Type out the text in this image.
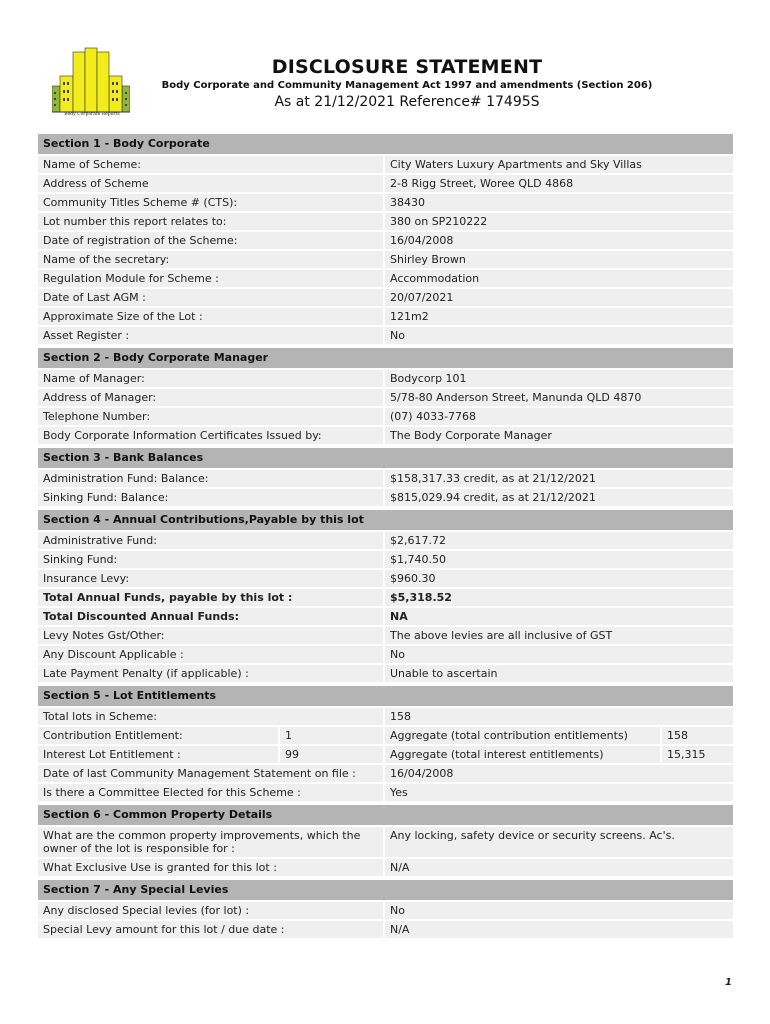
Body Corporate Reports
DISCLOSURE STATEMENT
Body Corporate and Community Management Act 1997 and amendments (Section 206)
As at 21/12/2021 Reference# 17495S
Section 1 - Body Corporate
Name of Scheme:	City Waters Luxury Apartments and Sky Villas
Address of Scheme	2-8 Rigg Street, Woree QLD 4868
Community Titles Scheme # (CTS):	38430
Lot number this report relates to:	380 on SP210222
Date of registration of the Scheme:	16/04/2008
Name of the secretary:	Shirley Brown
Regulation Module for Scheme :	Accommodation
Date of Last AGM :	20/07/2021
Approximate Size of the Lot :	121m2
Asset Register :	No
Section 2 - Body Corporate Manager
Name of Manager:	Bodycorp 101
Address of Manager:	5/78-80 Anderson Street, Manunda QLD 4870
Telephone Number:	(07) 4033-7768
Body Corporate Information Certificates Issued by:	The Body Corporate Manager
Section 3 - Bank Balances
Administration Fund: Balance:	$158,317.33 credit, as at 21/12/2021
Sinking Fund: Balance:	$815,029.94 credit, as at 21/12/2021
Section 4 - Annual Contributions,Payable by this lot
Administrative Fund:	$2,617.72
Sinking Fund:	$1,740.50
Insurance Levy:	$960.30
Total Annual Funds, payable by this lot :	$5,318.52
Total Discounted Annual Funds:	NA
Levy Notes Gst/Other:	The above levies are all inclusive of GST
Any Discount Applicable :	No
Late Payment Penalty (if applicable) :	Unable to ascertain
Section 5 - Lot Entitlements
Total lots in Scheme:	158
Contribution Entitlement:	1	Aggregate (total contribution entitlements)	158
Interest Lot Entitlement :	99	Aggregate (total interest entitlements)	15,315
Date of last Community Management Statement on file :	16/04/2008
Is there a Committee Elected for this Scheme :	Yes
Section 6 - Common Property Details
What are the common property improvements, which the owner of the lot is responsible for :
Any locking, safety device or security screens. Ac's.
What Exclusive Use is granted for this lot :	N/A
Section 7 - Any Special Levies
Any disclosed Special levies (for lot) :	No
Special Levy amount for this lot / due date :	N/A
1
